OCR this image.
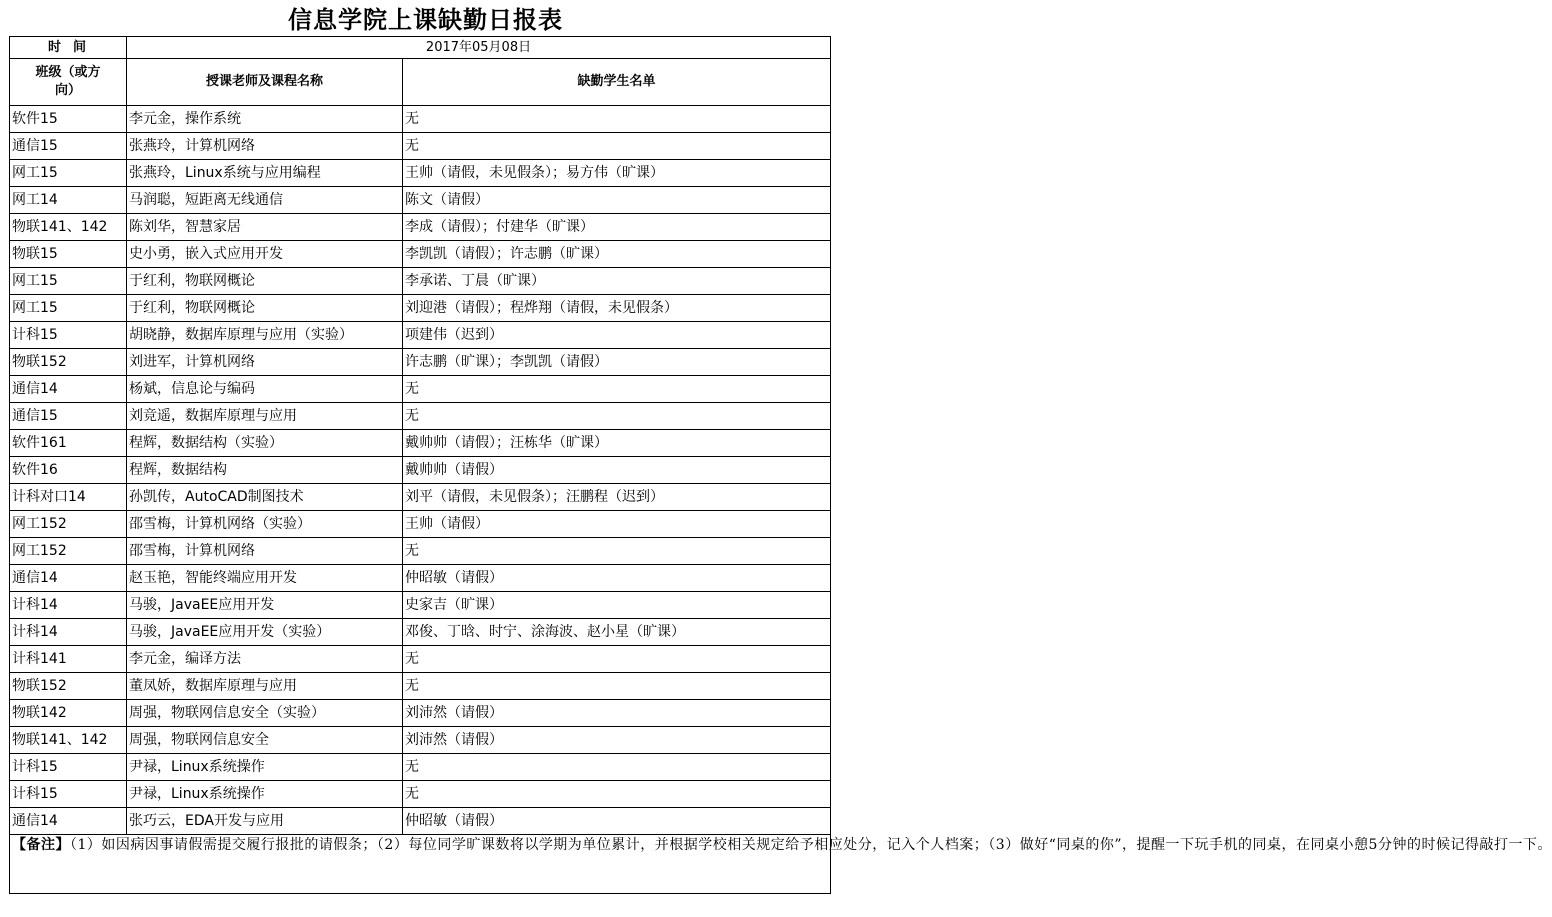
信息学院上课缺勤日报表
时间	2017年05月08日	
班级（或方向）	授课老师及课程名称	缺勤学生名单
软件15	李元金，操作系统	无
通信15	张燕玲，计算机网络	无
网工15	张燕玲，Linux系统与应用编程	王帅（请假，未见假条）；易方伟（旷课）
网工14	马润聪，短距离无线通信	陈文（请假）
物联141、142	陈刘华，智慧家居	李成（请假）；付建华（旷课）
物联15	史小勇，嵌入式应用开发	李凯凯（请假）；许志鹏（旷课）
网工15	于红利，物联网概论	李承诺、丁晨（旷课）
网工15	于红利，物联网概论	刘迎港（请假）；程烨翔（请假，未见假条）
计科15	胡晓静，数据库原理与应用（实验）	项建伟（迟到）
物联152	刘进军，计算机网络	许志鹏（旷课）；李凯凯（请假）
通信14	杨斌，信息论与编码	无
通信15	刘竞遥，数据库原理与应用	无
软件161	程辉，数据结构（实验）	戴帅帅（请假）；汪栋华（旷课）
软件16	程辉，数据结构	戴帅帅（请假）
计科对口14	孙凯传，AutoCAD制图技术	刘平（请假，未见假条）；汪鹏程（迟到）
网工152	邵雪梅，计算机网络（实验）	王帅（请假）
网工152	邵雪梅，计算机网络	无
通信14	赵玉艳，智能终端应用开发	仲昭敏（请假）
计科14	马骏，JavaEE应用开发	史家吉（旷课）
计科14	马骏，JavaEE应用开发（实验）	邓俊、丁晗、时宁、涂海波、赵小星（旷课）
计科141	李元金，编译方法	无
物联152	董凤娇，数据库原理与应用	无
物联142	周强，物联网信息安全（实验）	刘沛然（请假）
物联141、142	周强，物联网信息安全	刘沛然（请假）
计科15	尹禄，Linux系统操作	无
计科15	尹禄，Linux系统操作	无
通信14	张巧云，EDA开发与应用	仲昭敏（请假）
【备注】（1）如因病因事请假需提交履行报批的请假条；（2）每位同学旷课数将以学期为单位累计，并根据学校相关规定给予相应处分，记入个人档案；（3）做好“同桌的你”，提醒一下玩手机的同桌，在同桌小憩5分钟的时候记得敲打一下。		
